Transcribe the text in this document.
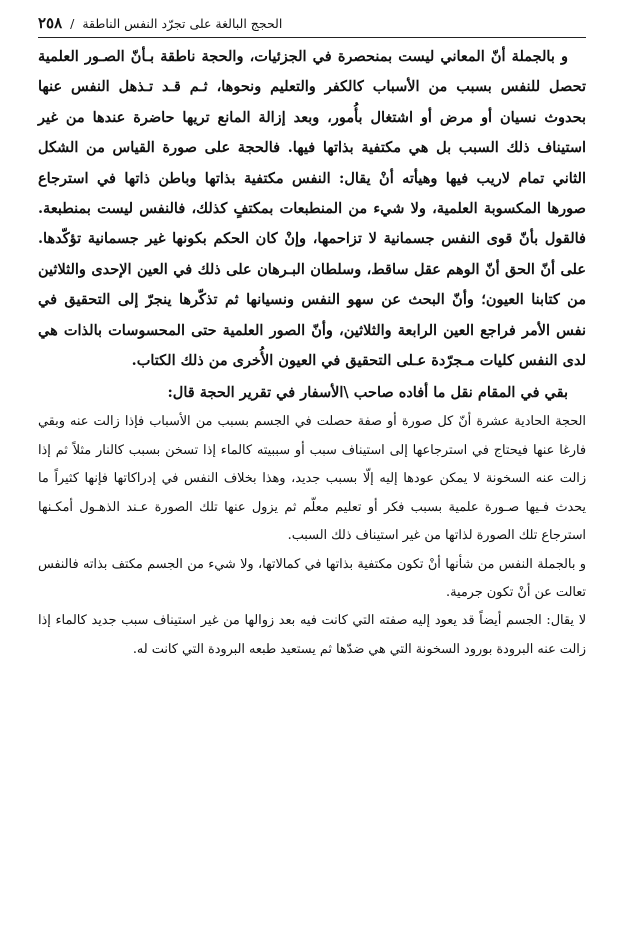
٢٥٨ / الحجج البالغة على تجرّد النفس الناطقة

و بالجملة أنّ المعاني ليست بمنحصرة في الجزئيات، والحجة ناطقة بـأنّ الصـور العلمية تحصل للنفس بسبب من الأسباب كالكفر والتعليم ونحوها، ثـم قـد تـذهل النفس عنها بحدوث نسيان أو مرض أو اشتغال بأُمور، وبعد إزالة المانع تريها حاضرة عندها من غير استيناف ذلك السبب بل هي مكتفية بذاتها فيها. فالحجة على صورة القياس من الشكل الثاني تمام لاريب فيها وهيأته أنْ يقال: النفس مكتفية بذاتها وباطن ذاتها في استرجاع صورها المكسوبة العلمية، ولا شيء من المنطبعات بمكتفٍ كذلك، فالنفس ليست بمنطبعة. فالقول بأنّ قوى النفس جسمانية لا تزاحمها، وإنْ كان الحكم بكونها غير جسمانية تؤكّدها. على أنّ الحق أنّ الوهم عقل ساقط، وسلطان البـرهان على ذلك في العين الإحدى والثلاثين من كتابنا العيون؛ وأنّ البحث عن سهو النفس ونسيانها ثم تذكّرها ينجرّ إلى التحقيق في نفس الأمر فراجع العين الرابعة والثلاثين، وأنّ الصور العلمية حتى المحسوسات بالذات هي لدى النفس كليات مـجرّدة عـلى التحقيق في العيون الأُخرى من ذلك الكتاب.

بقي في المقام نقل ما أفاده صاحب \الأسفار في تقرير الحجة قال:

الحجة الحادية عشرة أنّ كل صورة أو صفة حصلت في الجسم بسبب من الأسباب فإذا زالت عنه وبقي فارغا عنها فيحتاج في استرجاعها إلى استيناف سبب أو سببيته كالماء إذا تسخن بسبب كالنار مثلاً ثم إذا زالت عنه السخونة لا يمكن عودها إليه إلّا بسبب جديد، وهذا بخلاف النفس في إدراكاتها فإنها كثيراً ما يحدث فـيها صـورة علمية بسبب فكر أو تعليم معلّم ثم يزول عنها تلك الصورة عـند الذهـول أمكـنها استرجاع تلك الصورة لذاتها من غير استيناف ذلك السبب.

و بالجملة النفس من شأنها أنْ تكون مكتفية بذاتها في كمالاتها، ولا شيء من الجسم مكتف بذاته فالنفس تعالت عن أنْ تكون جرمية.

لا يقال: الجسم أيضاً قد يعود إليه صفته التي كانت فيه بعد زوالها من غير استيناف سبب جديد كالماء إذا زالت عنه البرودة بورود السخونة التي هي ضدّها ثم يستعيد طبعه البرودة التي كانت له.
